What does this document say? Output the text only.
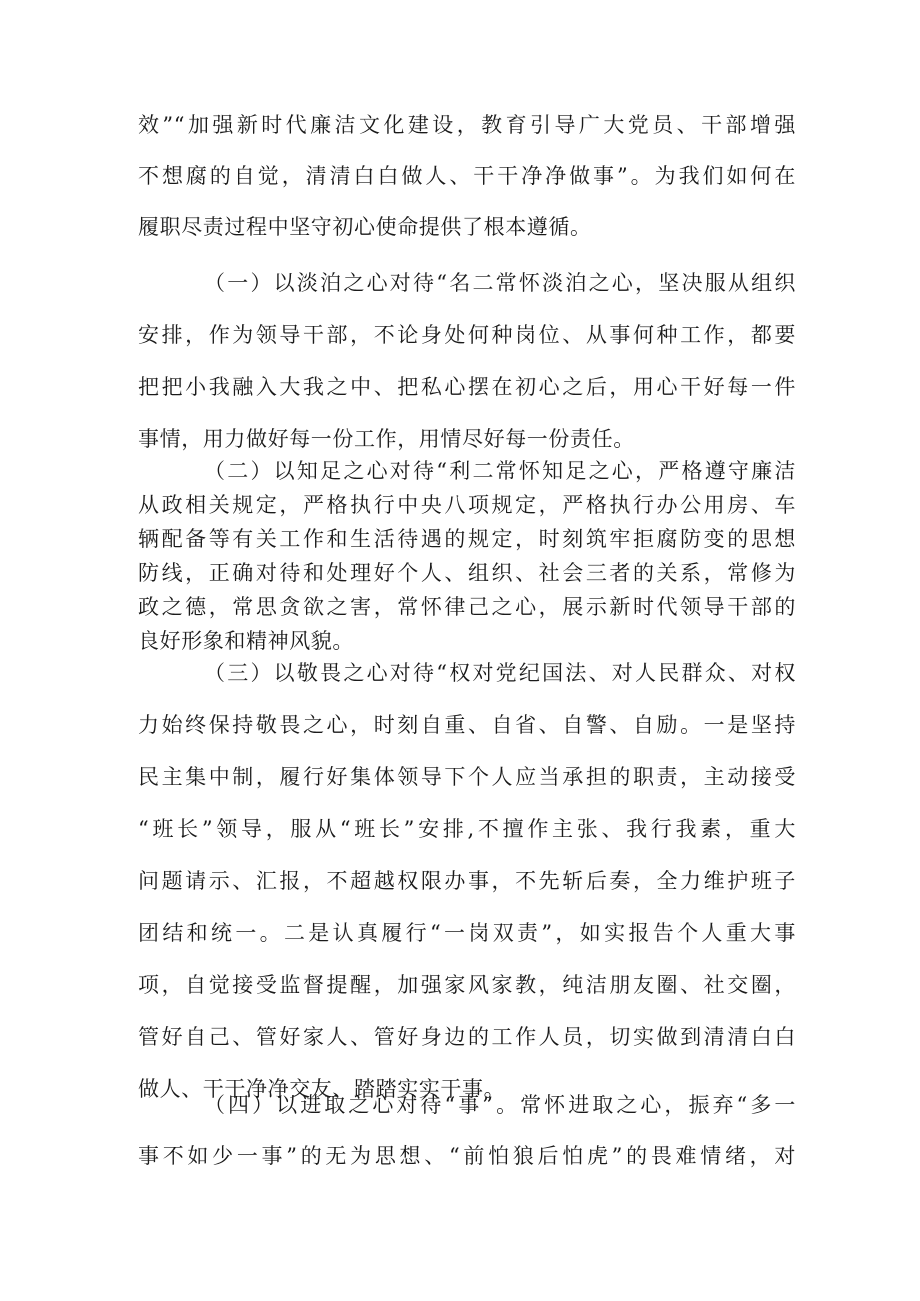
效”“加强新时代廉洁文化建设，教育引导广大党员、干部增强
不想腐的自觉，清清白白做人、干干净净做事”。为我们如何在
履职尽责过程中坚守初心使命提供了根本遵循。
（一）以淡泊之心对待“名二常怀淡泊之心，坚决服从组织
安排，作为领导干部，不论身处何种岗位、从事何种工作，都要
把把小我融入大我之中、把私心摆在初心之后，用心干好每一件
事情，用力做好每一份工作，用情尽好每一份责任。
（二）以知足之心对待“利二常怀知足之心，严格遵守廉洁
从政相关规定，严格执行中央八项规定，严格执行办公用房、车
辆配备等有关工作和生活待遇的规定，时刻筑牢拒腐防变的思想
防线，正确对待和处理好个人、组织、社会三者的关系，常修为
政之德，常思贪欲之害，常怀律己之心，展示新时代领导干部的
良好形象和精神风貌。
（三）以敬畏之心对待“权对党纪国法、对人民群众、对权
力始终保持敬畏之心，时刻自重、自省、自警、自励。一是坚持
民主集中制，履行好集体领导下个人应当承担的职责，主动接受
“班长”领导，服从“班长”安排,不擅作主张、我行我素，重大
问题请示、汇报，不超越权限办事，不先斩后奏，全力维护班子
团结和统一。二是认真履行“一岗双责”，如实报告个人重大事
项，自觉接受监督提醒，加强家风家教，纯洁朋友圈、社交圈，
管好自己、管好家人、管好身边的工作人员，切实做到清清白白
做人、干干净净交友、踏踏实实干事。
（四）以进取之心对待“事”。常怀进取之心，振弃“多一
事不如少一事”的无为思想、“前怕狼后怕虎”的畏难情绪，对
